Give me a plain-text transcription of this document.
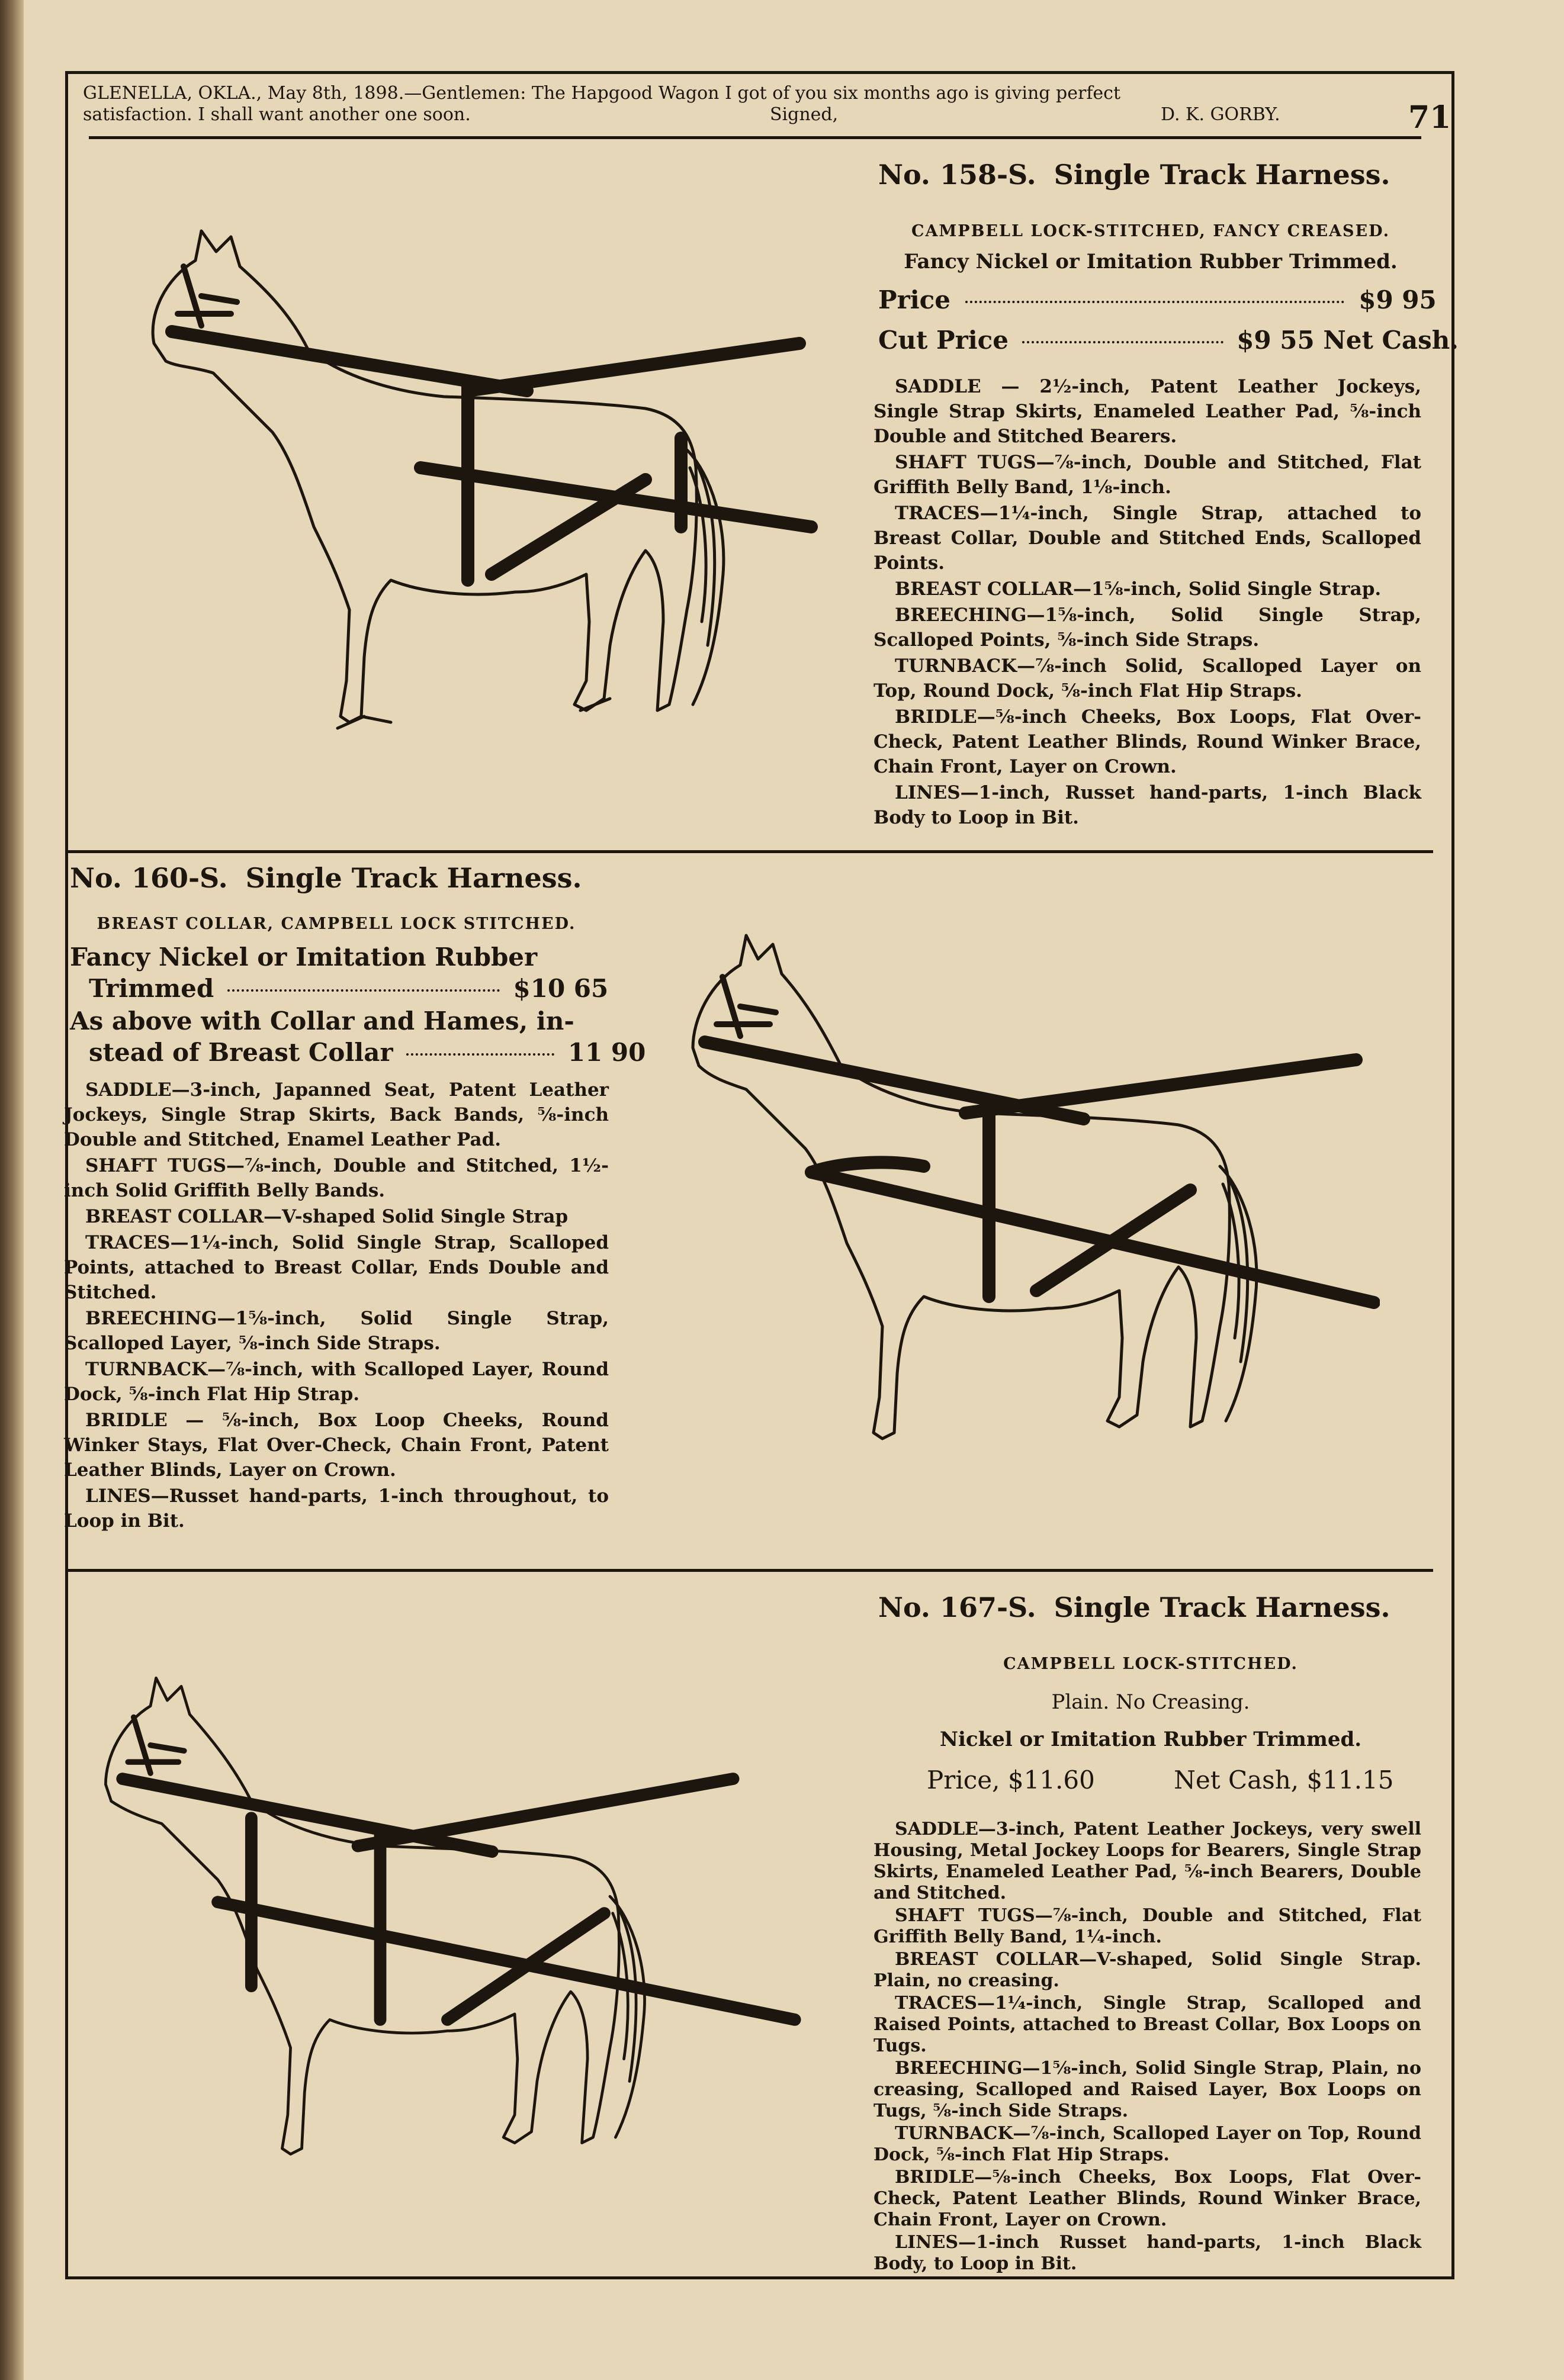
GLENELLA, OKLA., May 8th, 1898.—Gentlemen: The Hapgood Wagon I got of you six months ago is giving perfect
satisfaction. I shall want another one soon.	Signed,	D. K. GORBY.	71
No. 158-S. Single Track Harness.
CAMPBELL LOCK-STITCHED, FANCY CREASED.
Fancy Nickel or Imitation Rubber Trimmed.
Price	$9 95
Cut Price	$9 55 Net Cash.

SADDLE — 2½-inch, Patent Leather Jockeys, Single Strap Skirts, Enameled Leather Pad, ⅝-inch Double and Stitched Bearers.

SHAFT TUGS—⅞-inch, Double and Stitched, Flat Griffith Belly Band, 1⅛-inch.

TRACES—1¼-inch, Single Strap, attached to Breast Collar, Double and Stitched Ends, Scalloped Points.

BREAST COLLAR—1⅝-inch, Solid Single Strap.

BREECHING—1⅝-inch, Solid Single Strap, Scalloped Points, ⅝-inch Side Straps.

TURNBACK—⅞-inch Solid, Scalloped Layer on Top, Round Dock, ⅝-inch Flat Hip Straps.

BRIDLE—⅝-inch Cheeks, Box Loops, Flat Over-Check, Patent Leather Blinds, Round Winker Brace, Chain Front, Layer on Crown.

LINES—1-inch, Russet hand-parts, 1-inch Black Body to Loop in Bit.

No. 160-S. Single Track Harness.
BREAST COLLAR, CAMPBELL LOCK STITCHED.
Fancy Nickel or Imitation Rubber
Trimmed	$10 65
As above with Collar and Hames, in-
stead of Breast Collar	11 90

SADDLE—3-inch, Japanned Seat, Patent Leather Jockeys, Single Strap Skirts, Back Bands, ⅝-inch Double and Stitched, Enamel Leather Pad.

SHAFT TUGS—⅞-inch, Double and Stitched, 1½-inch Solid Griffith Belly Bands.

BREAST COLLAR—V-shaped Solid Single Strap

TRACES—1¼-inch, Solid Single Strap, Scalloped Points, attached to Breast Collar, Ends Double and Stitched.

BREECHING—1⅝-inch, Solid Single Strap, Scalloped Layer, ⅝-inch Side Straps.

TURNBACK—⅞-inch, with Scalloped Layer, Round Dock, ⅝-inch Flat Hip Strap.

BRIDLE — ⅝-inch, Box Loop Cheeks, Round Winker Stays, Flat Over-Check, Chain Front, Patent Leather Blinds, Layer on Crown.

LINES—Russet hand-parts, 1-inch throughout, to Loop in Bit.

No. 167-S. Single Track Harness.
CAMPBELL LOCK-STITCHED.
Plain. No Creasing.
Nickel or Imitation Rubber Trimmed.
Price, $11.60	Net Cash, $11.15

SADDLE—3-inch, Patent Leather Jockeys, very swell Housing, Metal Jockey Loops for Bearers, Single Strap Skirts, Enameled Leather Pad, ⅝-inch Bearers, Double and Stitched.

SHAFT TUGS—⅞-inch, Double and Stitched, Flat Griffith Belly Band, 1¼-inch.

BREAST COLLAR—V-shaped, Solid Single Strap. Plain, no creasing.

TRACES—1¼-inch, Single Strap, Scalloped and Raised Points, attached to Breast Collar, Box Loops on Tugs.

BREECHING—1⅝-inch, Solid Single Strap, Plain, no creasing, Scalloped and Raised Layer, Box Loops on Tugs, ⅝-inch Side Straps.

TURNBACK—⅞-inch, Scalloped Layer on Top, Round Dock, ⅝-inch Flat Hip Straps.

BRIDLE—⅝-inch Cheeks, Box Loops, Flat Over-Check, Patent Leather Blinds, Round Winker Brace, Chain Front, Layer on Crown.

LINES—1-inch Russet hand-parts, 1-inch Black Body, to Loop in Bit.
